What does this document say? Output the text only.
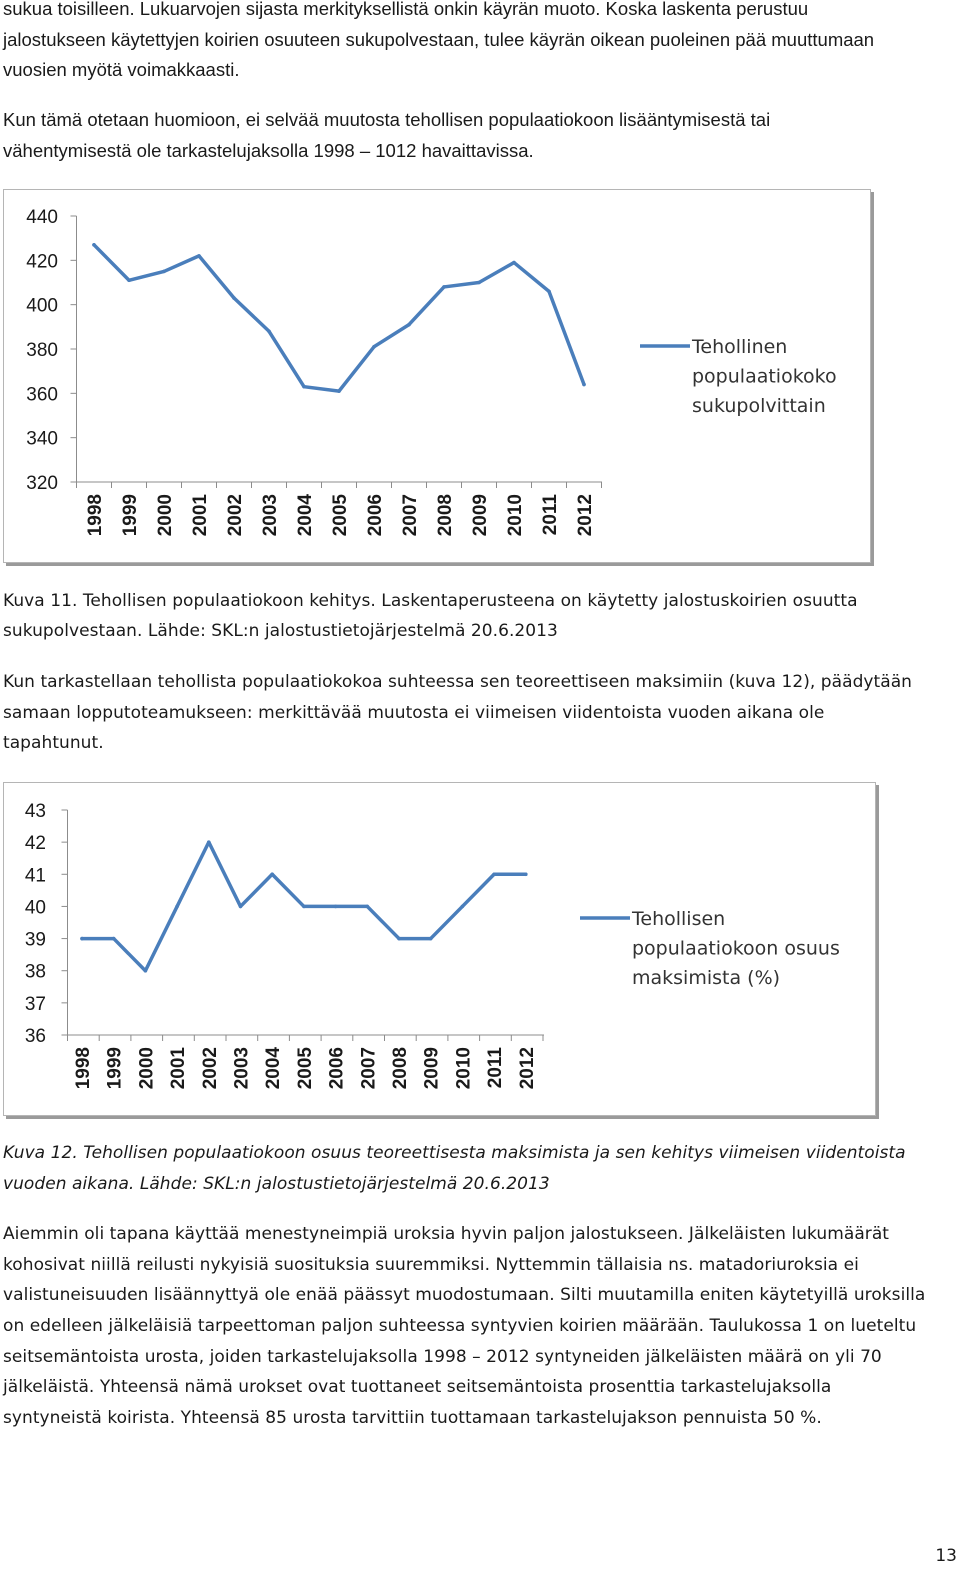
sukua toisilleen. Lukuarvojen sijasta merkityksellistä onkin käyrän muoto. Koska laskenta perustuu

jalostukseen käytettyjen koirien osuuteen sukupolvestaan, tulee käyrän oikean puoleinen pää muuttumaan

vuosien myötä voimakkaasti.

Kun tämä otetaan huomioon, ei selvää muutosta tehollisen populaatiokoon lisääntymisestä tai

vähentymisestä ole tarkastelujaksolla 1998 – 1012 havaittavissa.

440
420
400
380
360
340
320
1998 1999 2000 2001 2002 2003 2004 2005 2006 2007 2008 2009 2010 2011 2012
Tehollinen
populaatiokoko
sukupolvittain

Kuva 11. Tehollisen populaatiokoon kehitys. Laskentaperusteena on käytetty jalostuskoirien osuutta

sukupolvestaan. Lähde: SKL:n jalostustietojärjestelmä 20.6.2013

Kun tarkastellaan tehollista populaatiokokoa suhteessa sen teoreettiseen maksimiin (kuva 12), päädytään

samaan lopputoteamukseen: merkittävää muutosta ei viimeisen viidentoista vuoden aikana ole

tapahtunut.

43
42
41
40
39
38
37
36
1998 1999 2000 2001 2002 2003 2004 2005 2006 2007 2008 2009 2010 2011 2012
Tehollisen
populaatiokoon osuus
maksimista (%)

Kuva 12. Tehollisen populaatiokoon osuus teoreettisesta maksimista ja sen kehitys viimeisen viidentoista

vuoden aikana. Lähde: SKL:n jalostustietojärjestelmä 20.6.2013

Aiemmin oli tapana käyttää menestyneimpiä uroksia hyvin paljon jalostukseen. Jälkeläisten lukumäärät

kohosivat niillä reilusti nykyisiä suosituksia suuremmiksi. Nyttemmin tällaisia ns. matadoriuroksia ei

valistuneisuuden lisäännyttyä ole enää päässyt muodostumaan. Silti muutamilla eniten käytetyillä uroksilla

on edelleen jälkeläisiä tarpeettoman paljon suhteessa syntyvien koirien määrään. Taulukossa 1 on lueteltu

seitsemäntoista urosta, joiden tarkastelujaksolla 1998 – 2012 syntyneiden jälkeläisten määrä on yli 70

jälkeläistä. Yhteensä nämä urokset ovat tuottaneet seitsemäntoista prosenttia tarkastelujaksolla

syntyneistä koirista. Yhteensä 85 urosta tarvittiin tuottamaan tarkastelujakson pennuista 50 %.

13
